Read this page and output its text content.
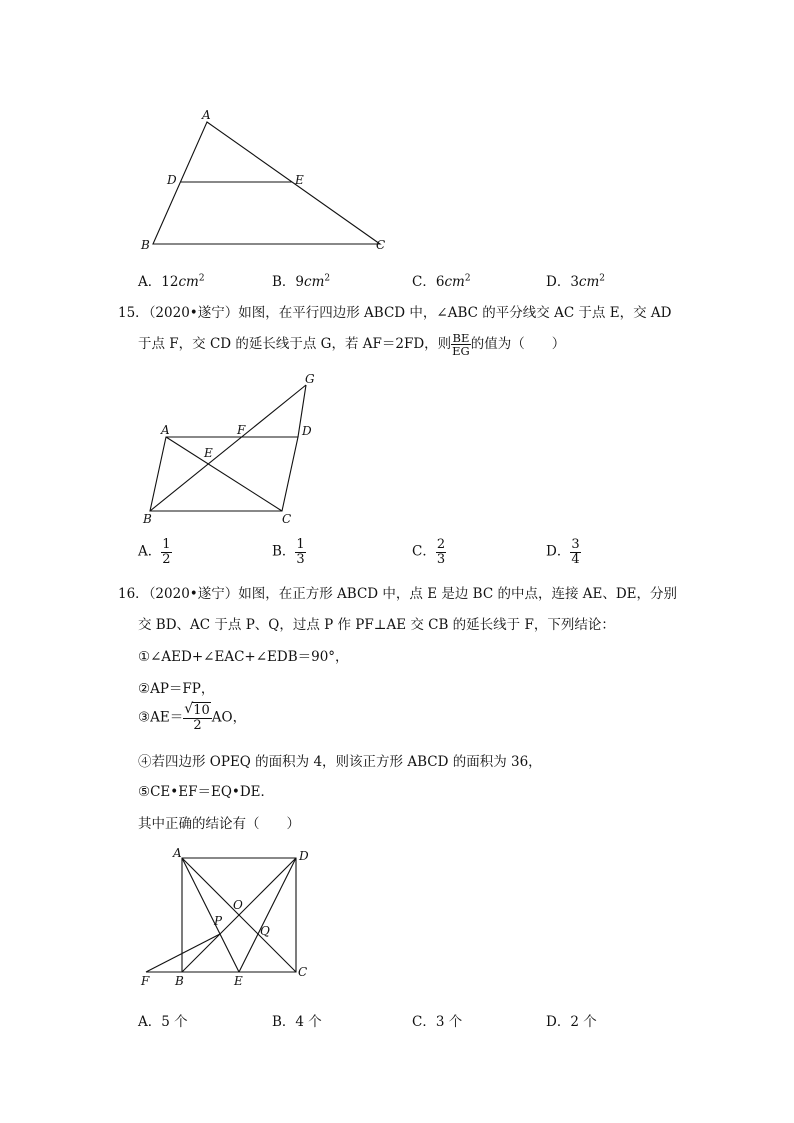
A
D	E
B	C
A．$12cm^2$	B．$9cm^2$	C．$6cm^2$	D．$3cm^2$
15．（2020•遂宁）如图，在平行四边形 ABCD 中，∠ABC 的平分线交 AC 于点 E，交 AD
于点 F，交 CD 的延长线于点 G，若 AF＝2FD，则 $\frac{BE}{EG}$ 的值为（　　）
G
A	F	D
E
B	C
A． $\frac{1}{2}$	B． $\frac{1}{3}$	C． $\frac{2}{3}$	D． $\frac{3}{4}$
16．（2020•遂宁）如图，在正方形 ABCD 中，点 E 是边 BC 的中点，连接 AE、DE，分别
交 BD、AC 于点 P、Q，过点 P 作 PF⊥AE 交 CB 的延长线于 F，下列结论：
①∠AED+∠EAC+∠EDB＝90°，
②AP＝FP，
③AE＝ $\frac{√ 10}{2}$ AO，
④若四边形 OPEQ 的面积为 4，则该正方形 ABCD 的面积为 36，
⑤CE•EF＝EQ•DE．
其中正确的结论有（　　）
A	D
O
P
Q
F B	E
C
A．5 个	B．4 个	C．3 个	D．2 个
